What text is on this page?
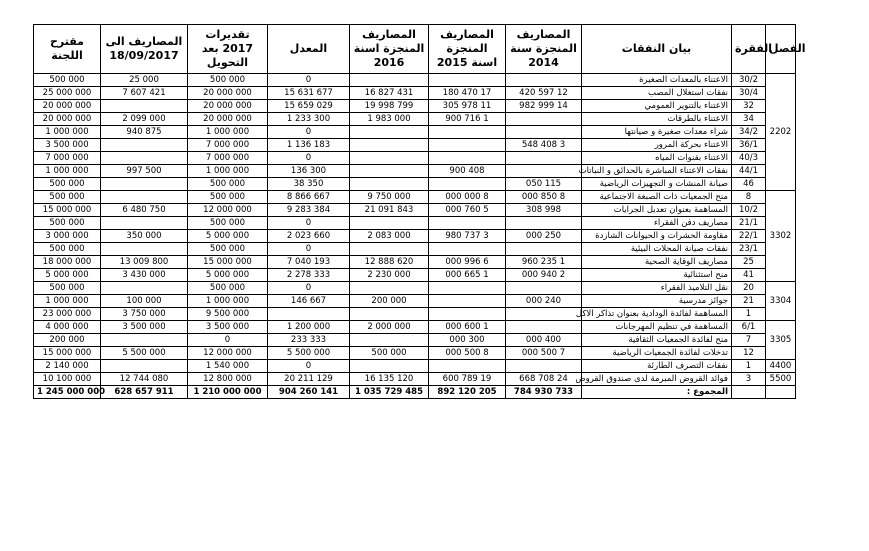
مقترح اللجنة	المصاريف الى 18/09/2017	تقديرات 2017 بعد التحويل	المعدل	المصاريف المنجزة اسنة 2016	المصاريف المنجزة اسنة 2015	المصاريف المنجزة سنة 2014	بيان النفقات	الفقرة	الفصل
500 000	25 000	500 000	0				الاعتناء بالمعدات الصغيرة	30/2	2202
25 000 000	7 607 421	20 000 000	15 631 677	16 827 431	180 470 17	420 597 12	نفقات استغلال المصب	30/4	
20 000 000		20 000 000	15 659 029	19 998 799	305 978 11	982 999 14	الاعتناء بالتنوير العمومي	32	
20 000 000	2 099 000	20 000 000	1 233 300	1 983 000	900 716 1		الاعتناء بالطرقات	34	
1 000 000	940 875	1 000 000	0				شراء معدات صغيرة و صيانتها	34/2	
3 500 000		7 000 000	1 136 183			548 408 3	الاعتناء بحركة المرور	36/1	
7 000 000		7 000 000	0				الاعتناء بقنوات المياه	40/3	
1 000 000	997 500	1 000 000	136 300		900 408		نفقات الاعتناء المباشرة بالحدائق و النباتات	44/1	
500 000		500 000	38 350			050 115	صيانة المنشات و التجهيزات الرياضية	46	
500 000		500 000	8 866 667	9 750 000	000 000 8	000 850 8	منح الجمعيات ذات الصبغة الاجتماعية	8	3302
15 000 000	6 480 750	12 000 000	9 283 384	21 091 843	000 760 5	308 998	المساهمة بعنوان تعديل الجرايات	10/2	
500 000		500 000	0				مصاريف دفن الفقراء	21/1	
3 000 000	350 000	5 000 000	2 023 660	2 083 000	980 737 3	000 250	مقاومة الحشرات و الحيوانات الشاردة	22/1	
500 000		500 000	0				نفقات صيانة المحلات البيئية	23/1	
18 000 000	13 009 800	15 000 000	7 040 193	12 888 620	000 996 6	960 235 1	مصاريف الوقاية الصحية	25	
5 000 000	3 430 000	5 000 000	2 278 333	2 230 000	000 665 1	000 940 2	منح استثنائية	41	
500 000		500 000	0				نقل التلاميذ الفقراء	20	3304
1 000 000	100 000	1 000 000	146 667	200 000		000 240	جوائز مدرسية	21	
23 000 000	3 750 000	9 500 000					المساهمة لفائدة الودادية بعنوان تذاكر الاكل	1	
4 000 000	3 500 000	3 500 000	1 200 000	2 000 000	000 600 1		المساهمة في تنظيم المهرجانات	6/1	3305
200 000		0	233 333		000 300	000 400	منح لفائدة الجمعيات الثقافية	7	
15 000 000	5 500 000	12 000 000	5 500 000	500 000	000 500 8	000 500 7	تدخلات لفائدة الجمعيات الرياضية	12	
2 140 000		1 540 000	0				نفقات التصرف الطارئة	1	4400
10 100 000	12 744 080	12 800 000	20 211 129	16 135 120	600 789 19	668 708 24	فوائد القروض المبرمة لدى صندوق القروض	3	5500
1 245 000 000	628 657 911	1 210 000 000	904 260 141	1 035 729 485	892 120 205	784 930 733	المجموع :		
